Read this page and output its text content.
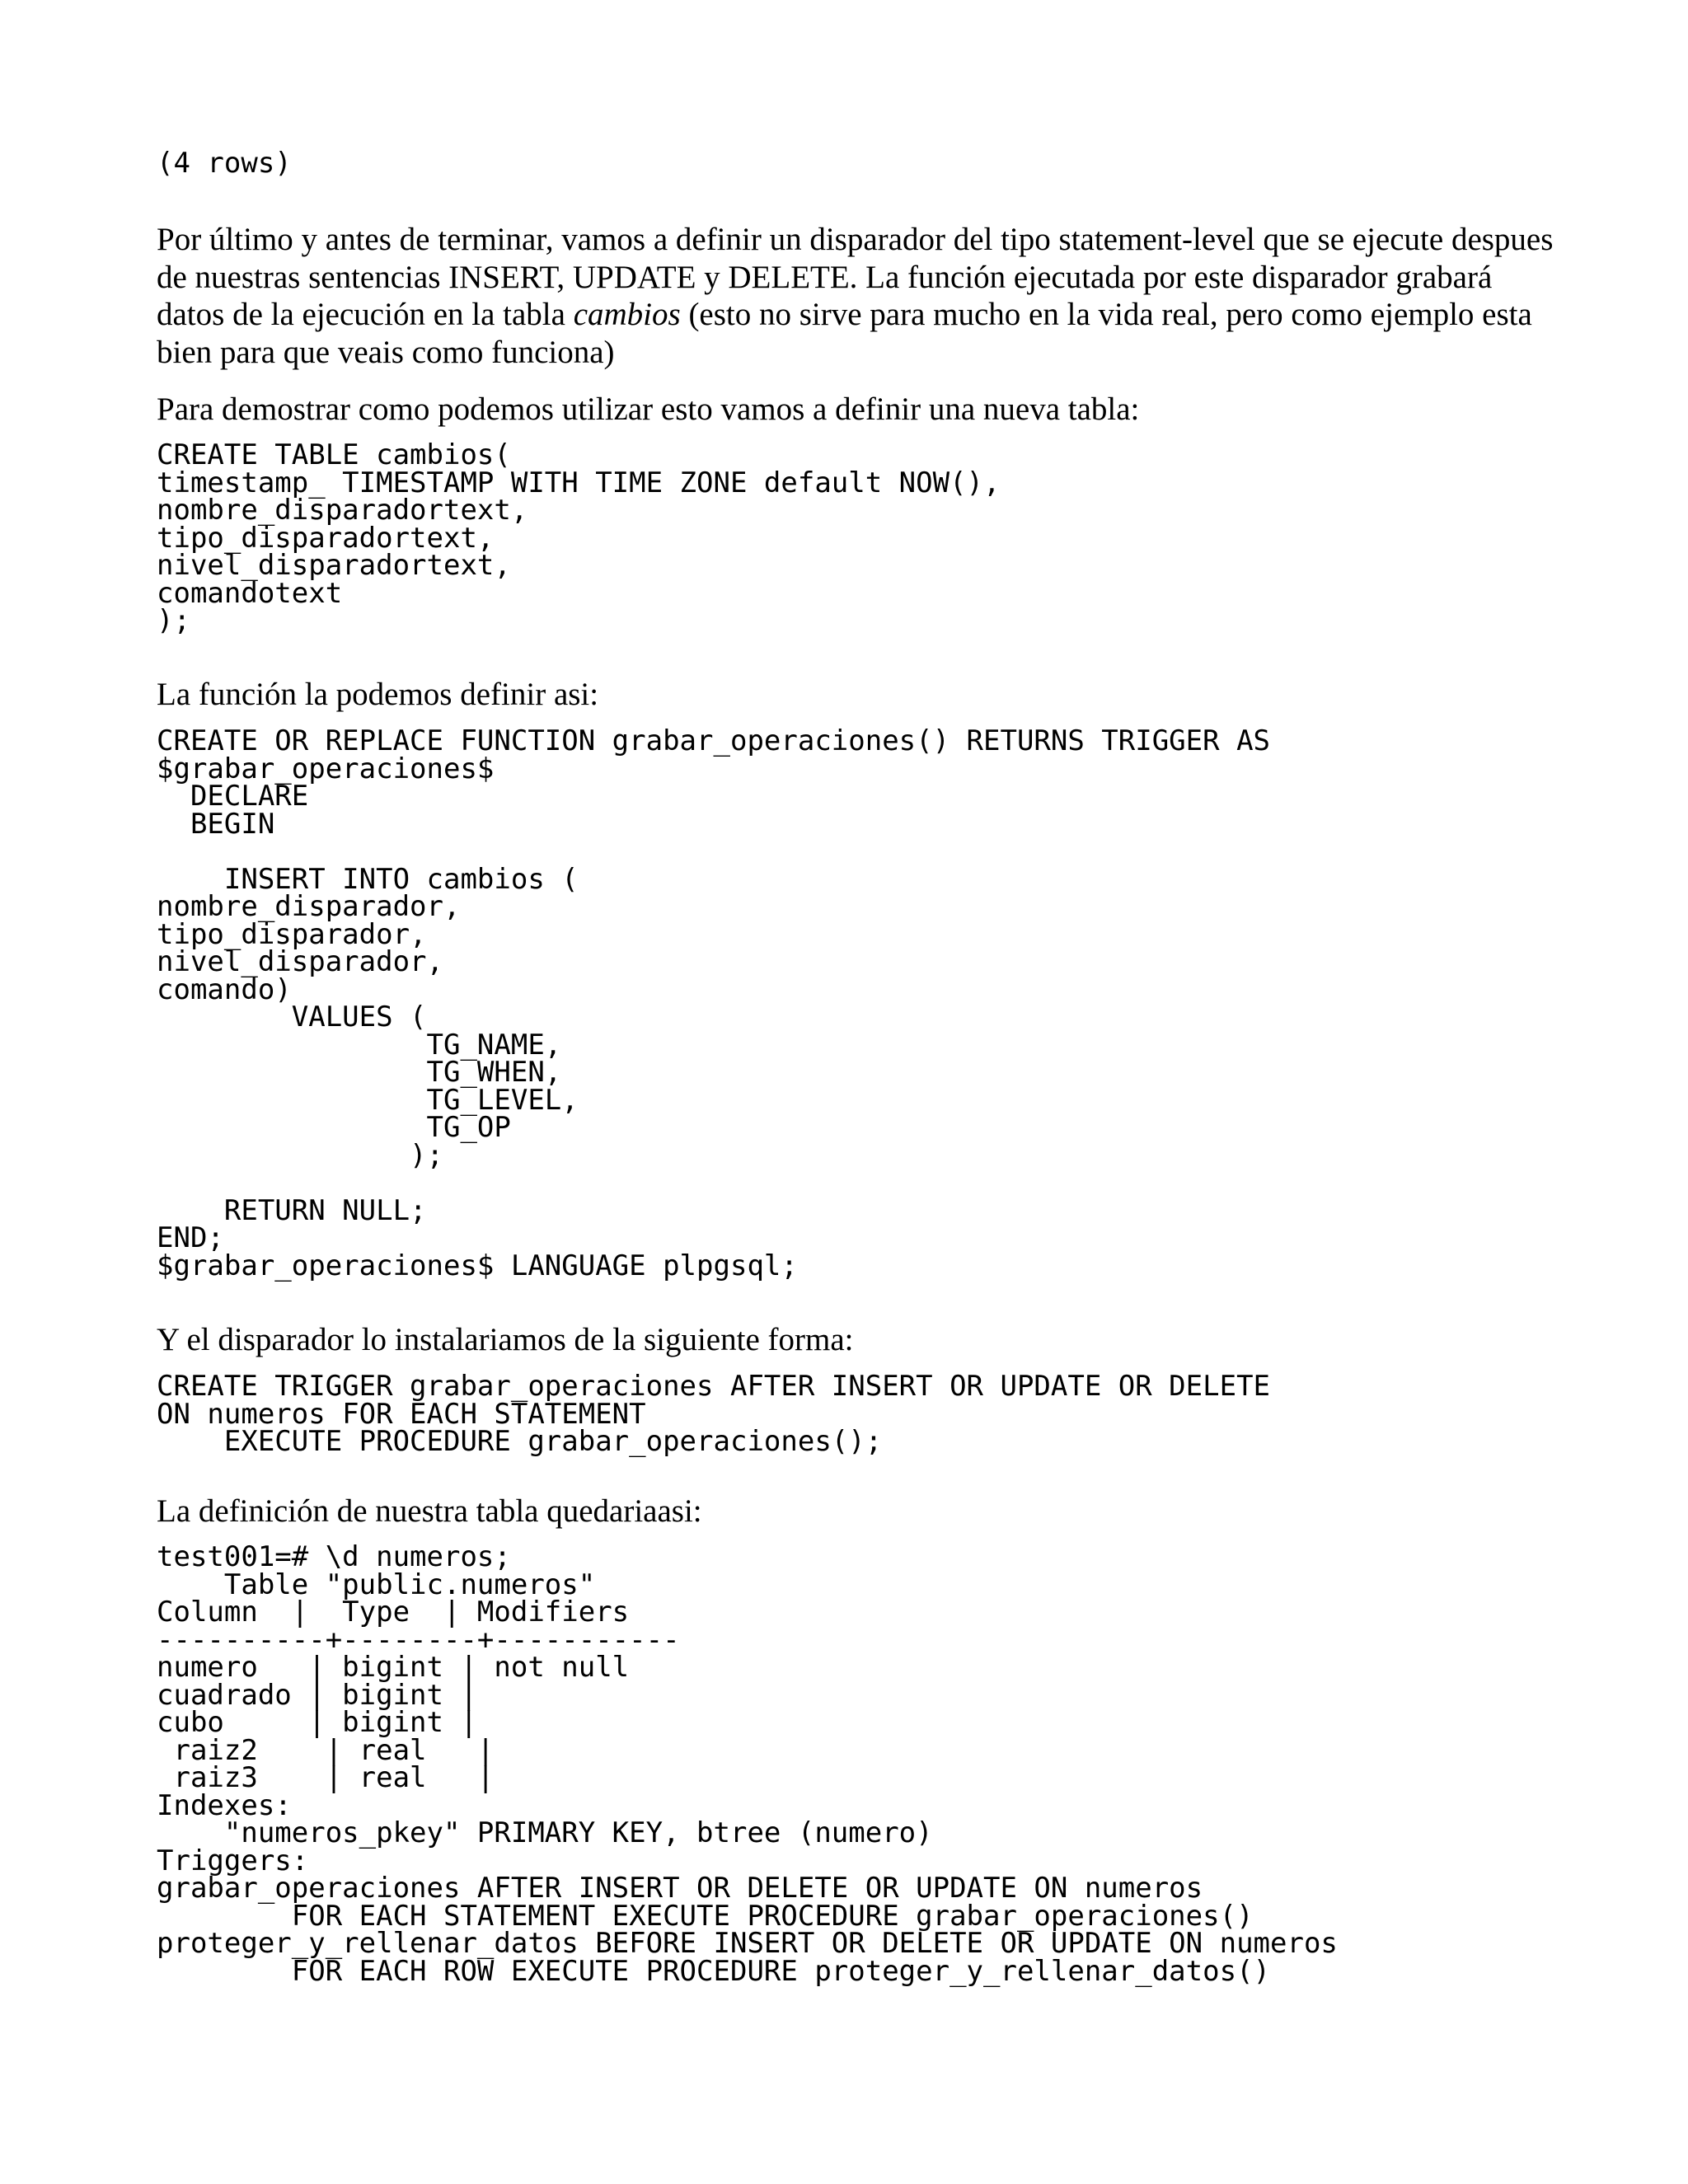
(4 rows)

Por último y antes de terminar, vamos a definir un disparador del tipo statement-level que se ejecute despues de nuestras sentencias INSERT, UPDATE y DELETE. La función ejecutada por este disparador grabará datos de la ejecución en la tabla cambios (esto no sirve para mucho en la vida real, pero como ejemplo esta bien para que veais como funciona)

Para demostrar como podemos utilizar esto vamos a definir una nueva tabla:

CREATE TABLE cambios(
timestamp_ TIMESTAMP WITH TIME ZONE default NOW(),
nombre_disparadortext,
tipo_disparadortext,
nivel_disparadortext,
comandotext
);

La función la podemos definir asi:

CREATE OR REPLACE FUNCTION grabar_operaciones() RETURNS TRIGGER AS
$grabar_operaciones$
DECLARE
BEGIN

INSERT INTO cambios (
nombre_disparador,
tipo_disparador,
nivel_disparador,
comando)
VALUES (
TG_NAME,
TG_WHEN,
TG_LEVEL,
TG_OP
);

RETURN NULL;
END;
$grabar_operaciones$ LANGUAGE plpgsql;

Y el disparador lo instalariamos de la siguiente forma:

CREATE TRIGGER grabar_operaciones AFTER INSERT OR UPDATE OR DELETE
ON numeros FOR EACH STATEMENT
EXECUTE PROCEDURE grabar_operaciones();

La definición de nuestra tabla quedariaasi:

test001=# \d numeros;
Table "public.numeros"
Column  |  Type  | Modifiers
----------+--------+-----------
numero   | bigint | not null
cuadrado | bigint |
cubo     | bigint |
raiz2    | real   |
raiz3    | real   |
Indexes:
"numeros_pkey" PRIMARY KEY, btree (numero)
Triggers:
grabar_operaciones AFTER INSERT OR DELETE OR UPDATE ON numeros
FOR EACH STATEMENT EXECUTE PROCEDURE grabar_operaciones()
proteger_y_rellenar_datos BEFORE INSERT OR DELETE OR UPDATE ON numeros
FOR EACH ROW EXECUTE PROCEDURE proteger_y_rellenar_datos()
